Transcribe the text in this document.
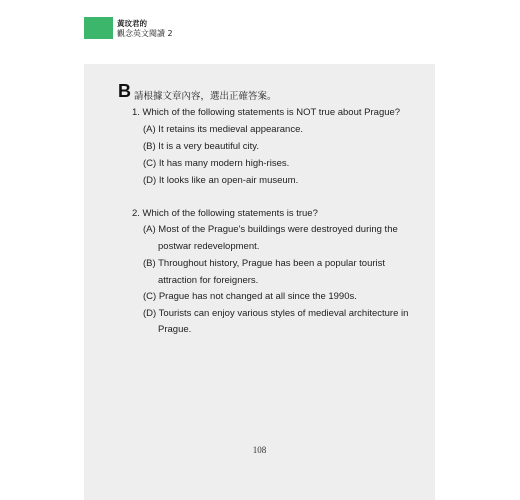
黃玟君的
觀念英文閱讀 2
B 請根據文章內容，選出正確答案。
1. Which of the following statements is NOT true about Prague?
(A) It retains its medieval appearance.
(B) It is a very beautiful city.
(C) It has many modern high-rises.
(D) It looks like an open-air museum.
2. Which of the following statements is true?
(A) Most of the Prague's buildings were destroyed during the
postwar redevelopment.
(B) Throughout history, Prague has been a popular tourist
attraction for foreigners.
(C) Prague has not changed at all since the 1990s.
(D) Tourists can enjoy various styles of medieval architecture in
Prague.
108
